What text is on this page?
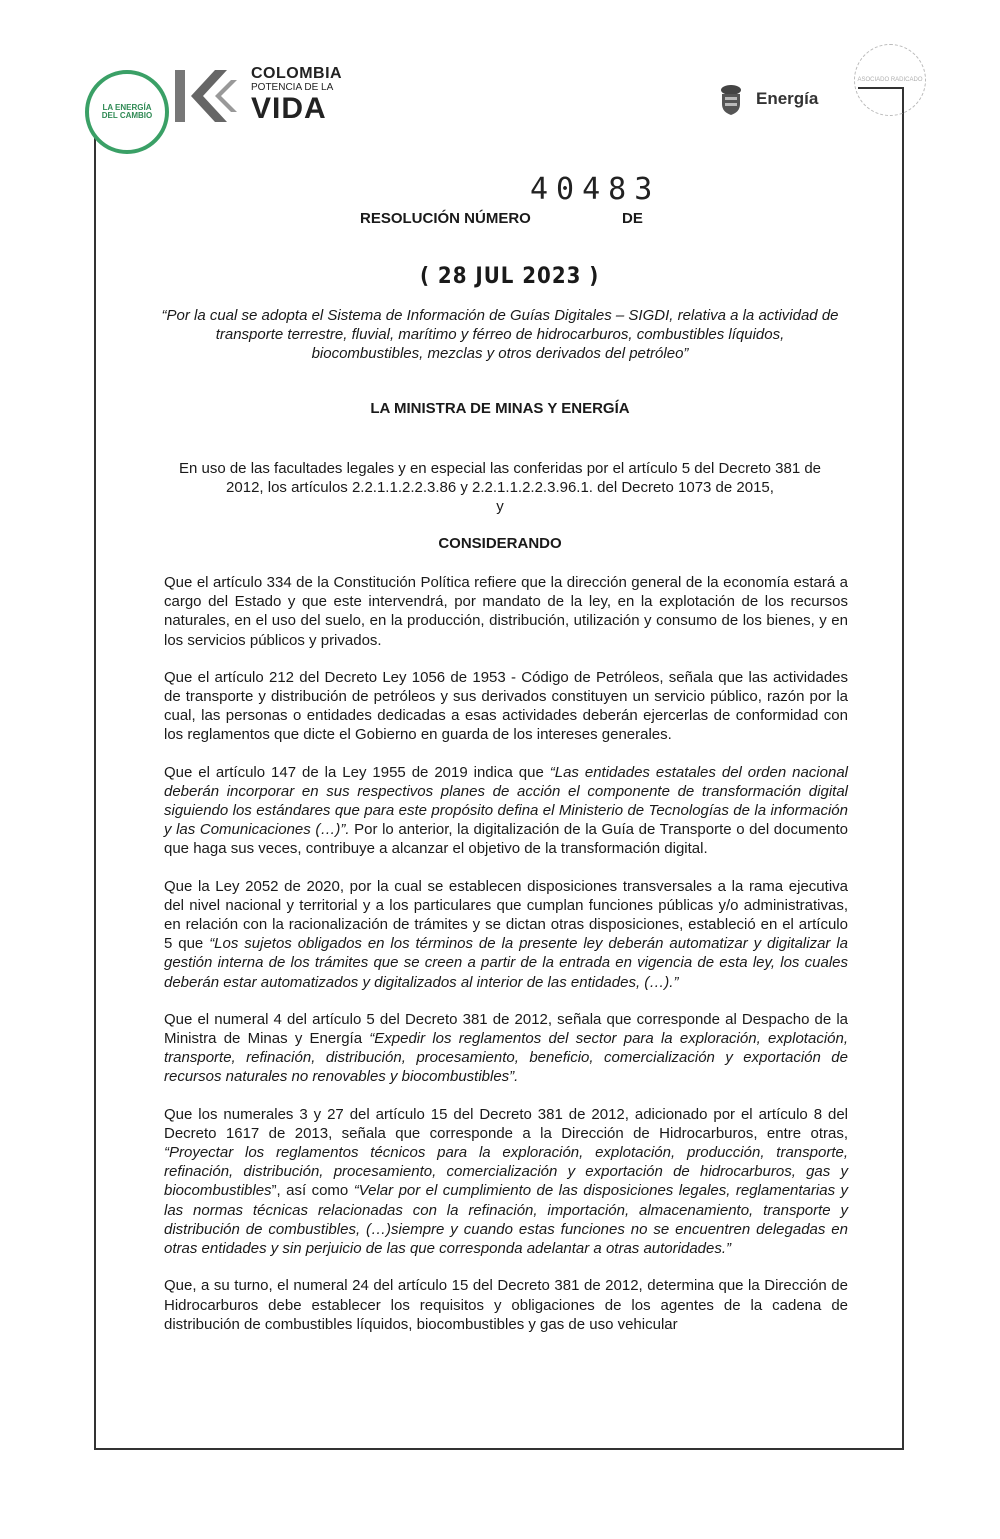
LA ENERGÍA DEL CAMBIO
COLOMBIA
POTENCIA DE LA
VIDA	Energía
ASOCIADO RADICADO
40483
RESOLUCIÓN NÚMERO	DE
( 28 JUL 2023 )
“Por la cual se adopta el Sistema de Información de Guías Digitales – SIGDI, relativa a la actividad de transporte terrestre, fluvial, marítimo y férreo de hidrocarburos, combustibles líquidos, biocombustibles, mezclas y otros derivados del petróleo”
LA MINISTRA DE MINAS Y ENERGÍA
En uso de las facultades legales y en especial las conferidas por el artículo 5 del Decreto 381 de 2012, los artículos 2.2.1.1.2.2.3.86 y 2.2.1.1.2.2.3.96.1. del Decreto 1073 de 2015,
y
CONSIDERANDO

Que el artículo 334 de la Constitución Política refiere que la dirección general de la economía estará a cargo del Estado y que este intervendrá, por mandato de la ley, en la explotación de los recursos naturales, en el uso del suelo, en la producción, distribución, utilización y consumo de los bienes, y en los servicios públicos y privados.

Que el artículo 212 del Decreto Ley 1056 de 1953 - Código de Petróleos, señala que las actividades de transporte y distribución de petróleos y sus derivados constituyen un servicio público, razón por la cual, las personas o entidades dedicadas a esas actividades deberán ejercerlas de conformidad con los reglamentos que dicte el Gobierno en guarda de los intereses generales.

Que el artículo 147 de la Ley 1955 de 2019 indica que “Las entidades estatales del orden nacional deberán incorporar en sus respectivos planes de acción el componente de transformación digital siguiendo los estándares que para este propósito defina el Ministerio de Tecnologías de la información y las Comunicaciones (…)”. Por lo anterior, la digitalización de la Guía de Transporte o del documento que haga sus veces, contribuye a alcanzar el objetivo de la transformación digital.

Que la Ley 2052 de 2020, por la cual se establecen disposiciones transversales a la rama ejecutiva del nivel nacional y territorial y a los particulares que cumplan funciones públicas y/o administrativas, en relación con la racionalización de trámites y se dictan otras disposiciones, estableció en el artículo 5 que “Los sujetos obligados en los términos de la presente ley deberán automatizar y digitalizar la gestión interna de los trámites que se creen a partir de la entrada en vigencia de esta ley, los cuales deberán estar automatizados y digitalizados al interior de las entidades, (…).”

Que el numeral 4 del artículo 5 del Decreto 381 de 2012, señala que corresponde al Despacho de la Ministra de Minas y Energía “Expedir los reglamentos del sector para la exploración, explotación, transporte, refinación, distribución, procesamiento, beneficio, comercialización y exportación de recursos naturales no renovables y biocombustibles”.

Que los numerales 3 y 27 del artículo 15 del Decreto 381 de 2012, adicionado por el artículo 8 del Decreto 1617 de 2013, señala que corresponde a la Dirección de Hidrocarburos, entre otras, “Proyectar los reglamentos técnicos para la exploración, explotación, producción, transporte, refinación, distribución, procesamiento, comercialización y exportación de hidrocarburos, gas y biocombustibles”, así como “Velar por el cumplimiento de las disposiciones legales, reglamentarias y las normas técnicas relacionadas con la refinación, importación, almacenamiento, transporte y distribución de combustibles, (…)siempre y cuando estas funciones no se encuentren delegadas en otras entidades y sin perjuicio de las que corresponda adelantar a otras autoridades.”

Que, a su turno, el numeral 24 del artículo 15 del Decreto 381 de 2012, determina que la Dirección de Hidrocarburos debe establecer los requisitos y obligaciones de los agentes de la cadena de distribución de combustibles líquidos, biocombustibles y gas de uso vehicular
